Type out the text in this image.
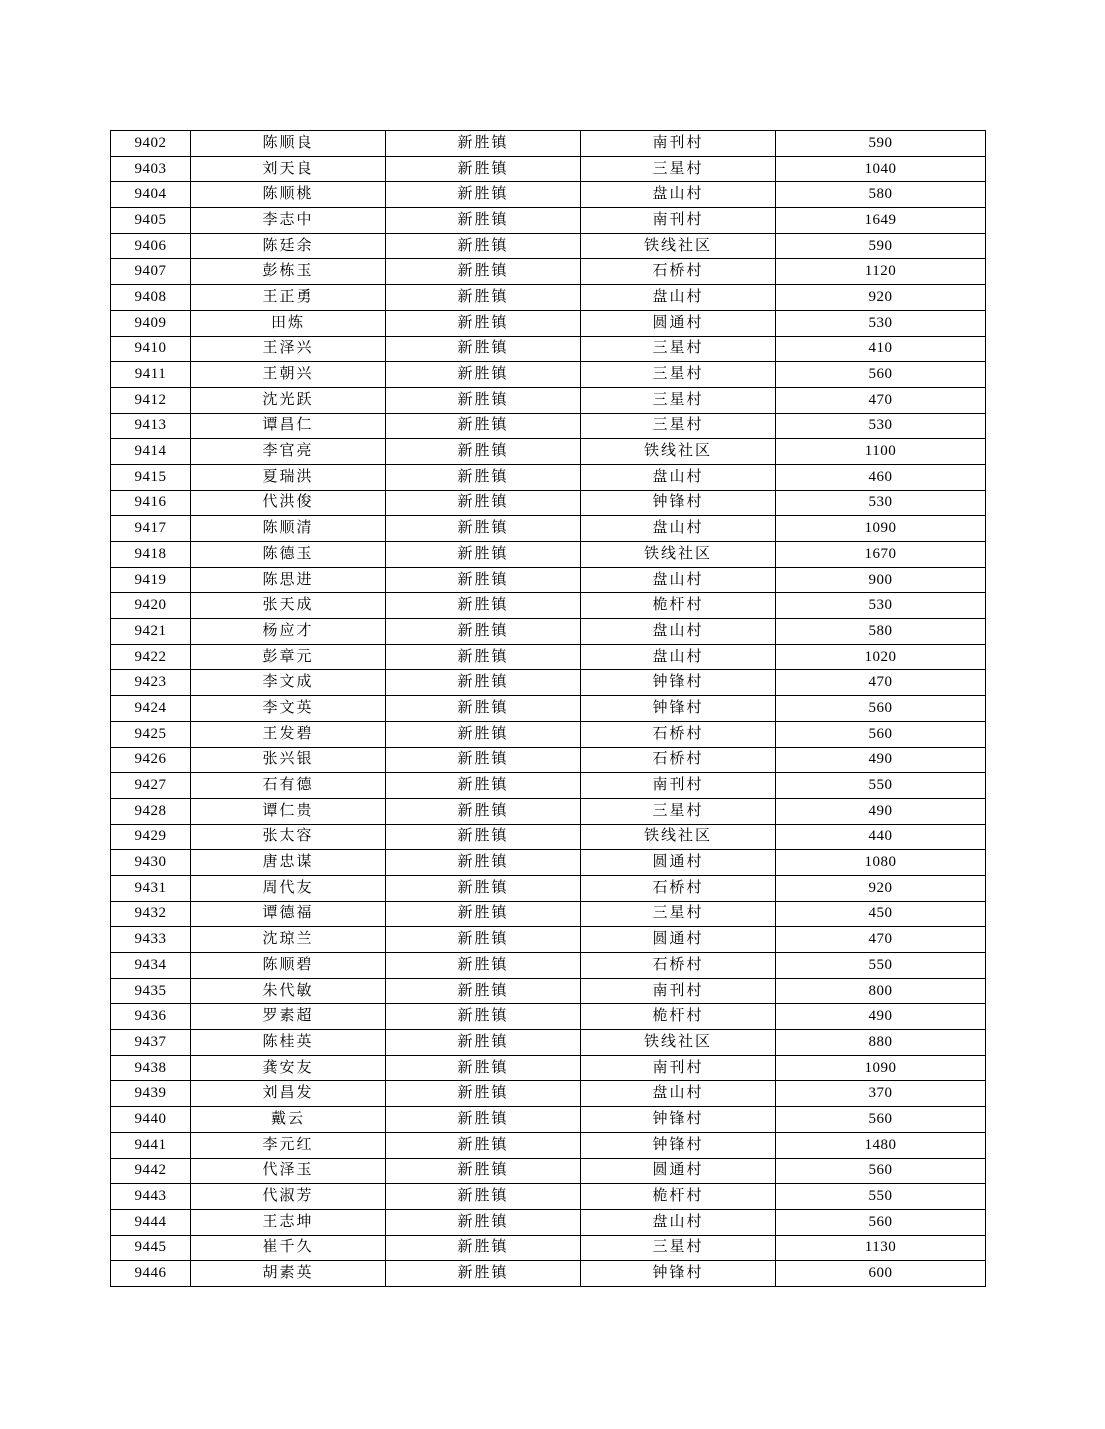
9402	陈顺良	新胜镇	南刊村	590
9403	刘天良	新胜镇	三星村	1040
9404	陈顺桃	新胜镇	盘山村	580
9405	李志中	新胜镇	南刊村	1649
9406	陈廷余	新胜镇	铁线社区	590
9407	彭栋玉	新胜镇	石桥村	1120
9408	王正勇	新胜镇	盘山村	920
9409	田炼	新胜镇	圆通村	530
9410	王泽兴	新胜镇	三星村	410
9411	王朝兴	新胜镇	三星村	560
9412	沈光跃	新胜镇	三星村	470
9413	谭昌仁	新胜镇	三星村	530
9414	李官亮	新胜镇	铁线社区	1100
9415	夏瑞洪	新胜镇	盘山村	460
9416	代洪俊	新胜镇	钟锋村	530
9417	陈顺清	新胜镇	盘山村	1090
9418	陈德玉	新胜镇	铁线社区	1670
9419	陈思进	新胜镇	盘山村	900
9420	张天成	新胜镇	桅杆村	530
9421	杨应才	新胜镇	盘山村	580
9422	彭章元	新胜镇	盘山村	1020
9423	李文成	新胜镇	钟锋村	470
9424	李文英	新胜镇	钟锋村	560
9425	王发碧	新胜镇	石桥村	560
9426	张兴银	新胜镇	石桥村	490
9427	石有德	新胜镇	南刊村	550
9428	谭仁贵	新胜镇	三星村	490
9429	张太容	新胜镇	铁线社区	440
9430	唐忠谋	新胜镇	圆通村	1080
9431	周代友	新胜镇	石桥村	920
9432	谭德福	新胜镇	三星村	450
9433	沈琼兰	新胜镇	圆通村	470
9434	陈顺碧	新胜镇	石桥村	550
9435	朱代敏	新胜镇	南刊村	800
9436	罗素超	新胜镇	桅杆村	490
9437	陈桂英	新胜镇	铁线社区	880
9438	龚安友	新胜镇	南刊村	1090
9439	刘昌发	新胜镇	盘山村	370
9440	戴云	新胜镇	钟锋村	560
9441	李元红	新胜镇	钟锋村	1480
9442	代泽玉	新胜镇	圆通村	560
9443	代淑芳	新胜镇	桅杆村	550
9444	王志坤	新胜镇	盘山村	560
9445	崔千久	新胜镇	三星村	1130
9446	胡素英	新胜镇	钟锋村	600
